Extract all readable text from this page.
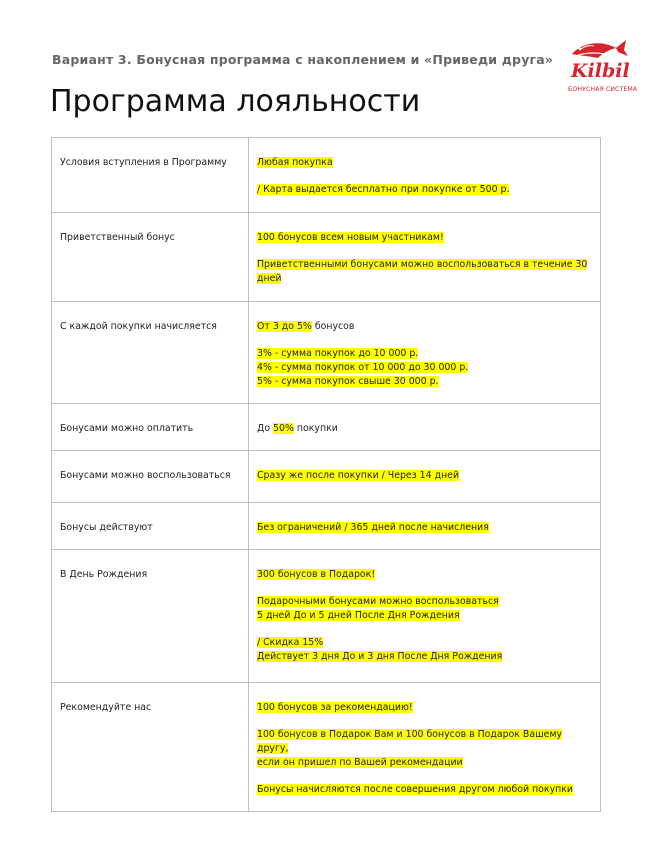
Вариант 3. Бонусная программа с накоплением и «Приведи друга»
Программа лояльности
Kilbil
БОНУСНАЯ СИСТЕМА
Условия вступления в Программу	Любая покупка
/ Карта выдается бесплатно при покупке от 500 р.
Приветственный бонус	100 бонусов всем новым участникам!
Приветственными бонусами можно воспользоваться в течение 30
дней
С каждой покупки начисляется	От 3 до 5% бонусов
3% - сумма покупок до 10 000 р.
4% - сумма покупок от 10 000 до 30 000 р.
5% - сумма покупок свыше 30 000 р.
Бонусами можно оплатить	До 50% покупки
Бонусами можно воспользоваться	Сразу же после покупки / Через 14 дней
Бонусы действуют	Без ограничений / 365 дней после начисления
В День Рождения	300 бонусов в Подарок!
Подарочными бонусами можно воспользоваться
5 дней До и 5 дней После Дня Рождения
/ Скидка 15%
Действует 3 дня До и 3 дня После Дня Рождения
Рекомендуйте нас	100 бонусов за рекомендацию!
100 бонусов в Подарок Вам и 100 бонусов в Подарок Вашему другу,
если он пришел по Вашей рекомендации
Бонусы начисляются после совершения другом любой покупки
